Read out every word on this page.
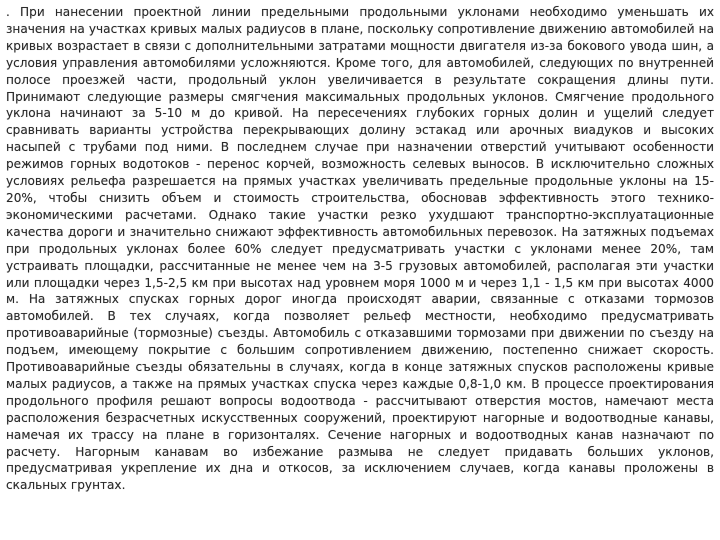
. При нанесении проектной линии предельными продольными уклонами необходимо уменьшать их значения на участках кривых малых радиусов в плане, поскольку сопротивление движению автомобилей на кривых возрастает в связи с дополнительными затратами мощности двигателя из-за бокового увода шин, а условия управления автомобилями усложняются. Кроме того, для автомобилей, следующих по внутренней полосе проезжей части, продольный уклон увеличивается в результате сокращения длины пути. Принимают следующие размеры смягчения максимальных продольных уклонов. Смягчение продольного уклона начинают за 5-10 м до кривой. На пересечениях глубоких горных долин и ущелий следует сравнивать варианты устройства перекрывающих долину эстакад или арочных виадуков и высоких насыпей с трубами под ними. В последнем случае при назначении отверстий учитывают особенности режимов горных водотоков - перенос корчей, возможность селевых выносов. В исключительно сложных условиях рельефа разрешается на прямых участках увеличивать предельные продольные уклоны на 15-20%, чтобы снизить объем и стоимость строительства, обосновав эффективность этого технико-экономическими расчетами. Однако такие участки резко ухудшают транспортно-эксплуатационные качества дороги и значительно снижают эффективность автомобильных перевозок. На затяжных подъемах при продольных уклонах более 60% следует предусматривать участки с уклонами менее 20%, там устраивать площадки, рассчитанные не менее чем на 3-5 грузовых автомобилей, располагая эти участки или площадки через 1,5-2,5 км при высотах над уровнем моря 1000 м и через 1,1 - 1,5 км при высотах 4000 м. На затяжных спусках горных дорог иногда происходят аварии, связанные с отказами тормозов автомобилей. В тех случаях, когда позволяет рельеф местности, необходимо предусматривать противоаварийные (тормозные) съезды. Автомобиль с отказавшими тормозами при движении по съезду на подъем, имеющему покрытие с большим сопротивлением движению, постепенно снижает скорость. Противоаварийные съезды обязательны в случаях, когда в конце затяжных спусков расположены кривые малых радиусов, а также на прямых участках спуска через каждые 0,8-1,0 км. В процессе проектирования продольного профиля решают вопросы водоотвода - рассчитывают отверстия мостов, намечают места расположения безрасчетных искусственных сооружений, проектируют нагорные и водоотводные канавы, намечая их трассу на плане в горизонталях. Сечение нагорных и водоотводных канав назначают по расчету. Нагорным канавам во избежание размыва не следует придавать больших уклонов, предусматривая укрепление их дна и откосов, за исключением случаев, когда канавы проложены в скальных грунтах.
